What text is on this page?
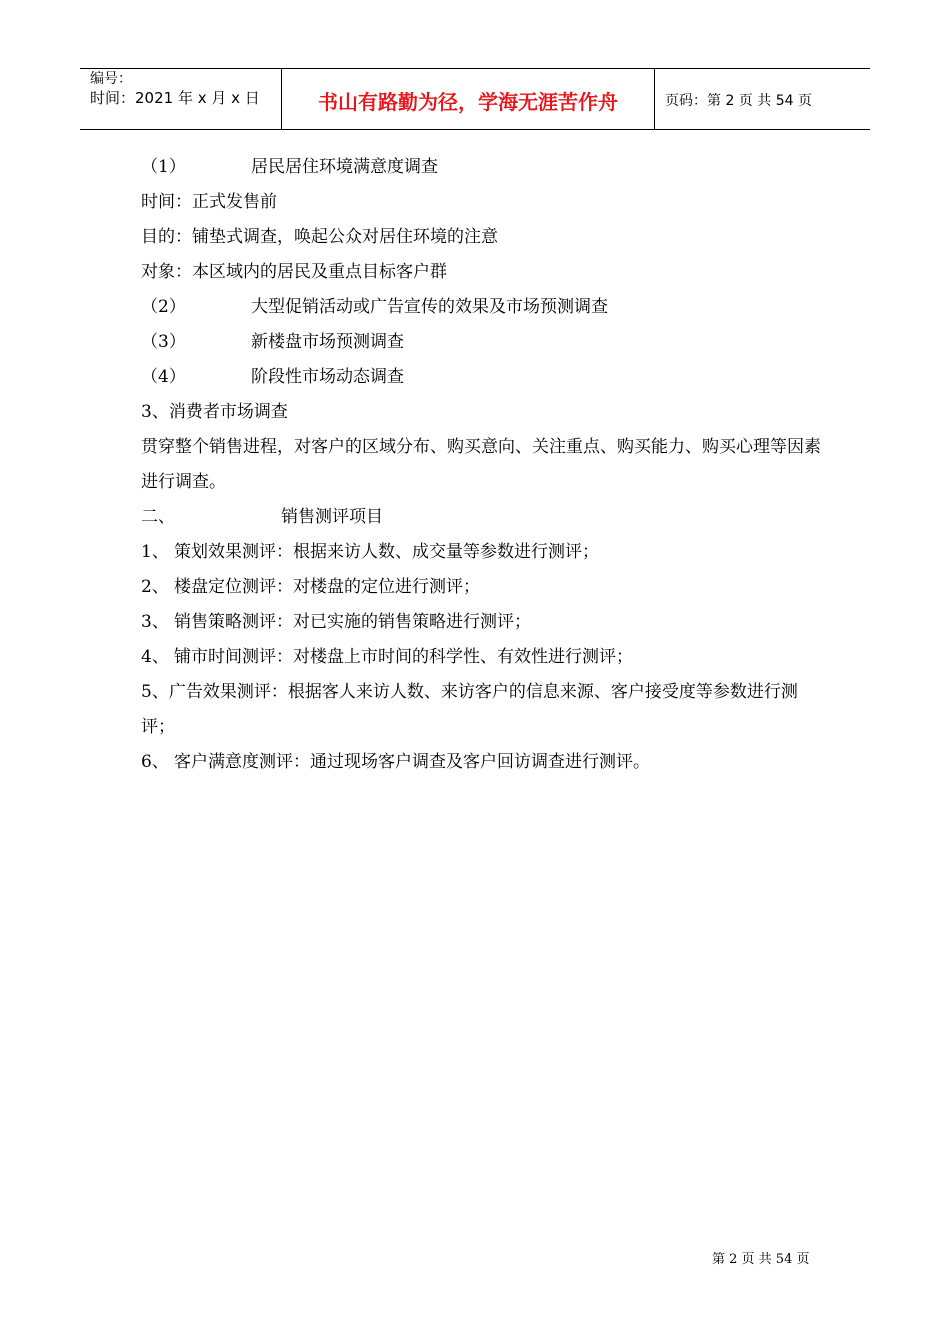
编号：
时间：2021 年 x 月 x 日	书山有路勤为径，学海无涯苦作舟	页码：第 2 页 共 54 页
（1）	居民居住环境满意度调查
时间：正式发售前
目的：铺垫式调查，唤起公众对居住环境的注意
对象：本区域内的居民及重点目标客户群
（2）	大型促销活动或广告宣传的效果及市场预测调查
（3）	新楼盘市场预测调查
（4）	阶段性市场动态调查
3、消费者市场调查
贯穿整个销售进程，对客户的区域分布、购买意向、关注重点、购买能力、购买心理等因素进行调查。
二、	销售测评项目
1、 策划效果测评：根据来访人数、成交量等参数进行测评；
2、 楼盘定位测评：对楼盘的定位进行测评；
3、 销售策略测评：对已实施的销售策略进行测评；
4、 铺市时间测评：对楼盘上市时间的科学性、有效性进行测评；
5、广告效果测评：根据客人来访人数、来访客户的信息来源、客户接受度等参数进行测评；
6、 客户满意度测评：通过现场客户调查及客户回访调查进行测评。
第 2 页 共 54 页
